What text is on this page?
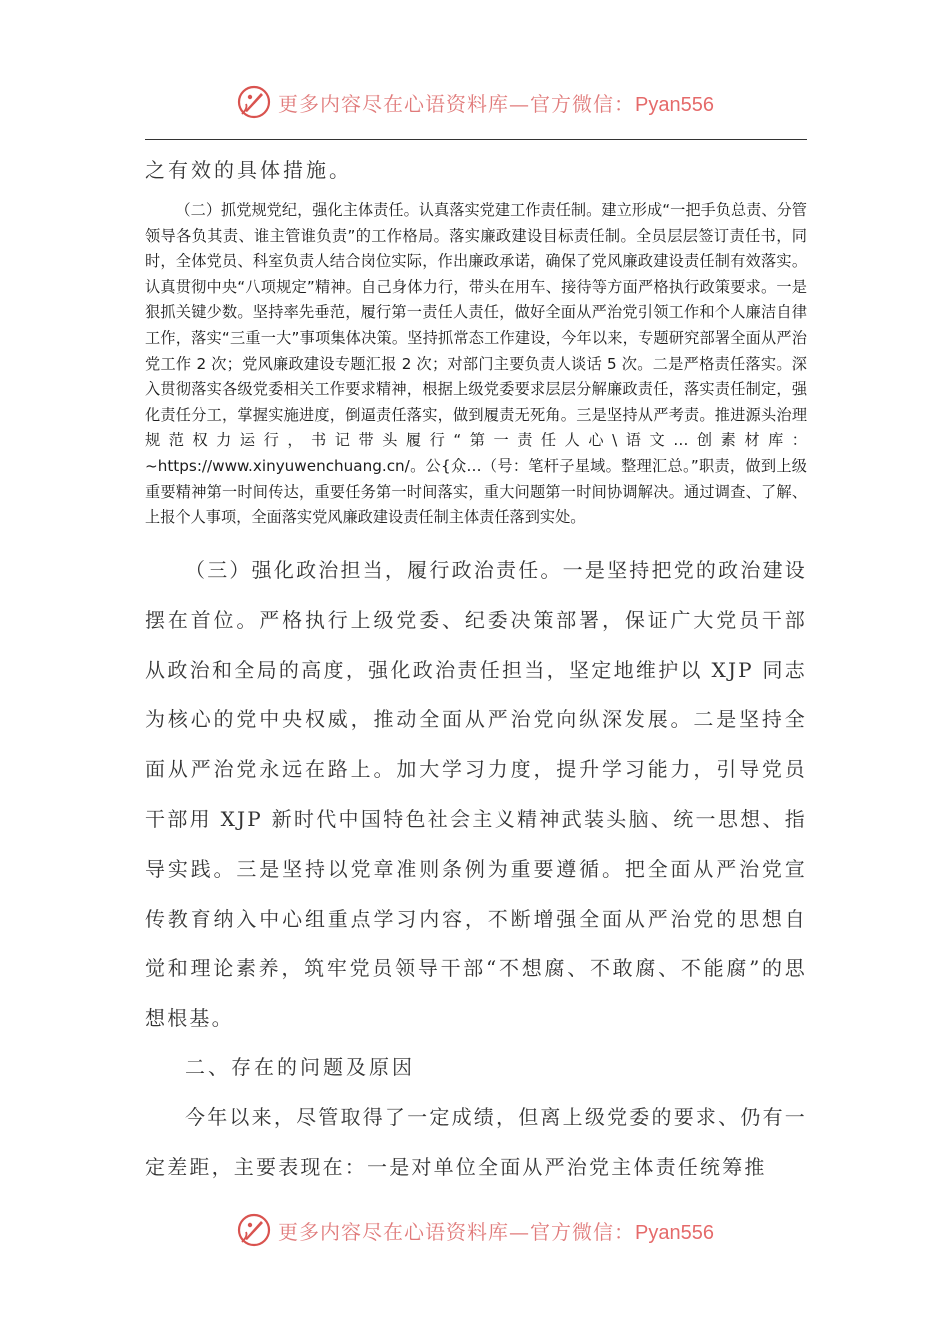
更多内容尽在心语资料库—官方微信：Pyan556

之有效的具体措施。

（二）抓党规党纪，强化主体责任。认真落实党建工作责任制。建立形成“一把手负总责、分管领导各负其责、谁主管谁负责”的工作格局。落实廉政建设目标责任制。全员层层签订责任书，同时，全体党员、科室负责人结合岗位实际，作出廉政承诺，确保了党风廉政建设责任制有效落实。认真贯彻中央“八项规定”精神。自己身体力行，带头在用车、接待等方面严格执行政策要求。一是狠抓关键少数。坚持率先垂范，履行第一责任人责任，做好全面从严治党引领工作和个人廉洁自律工作，落实“三重一大”事项集体决策。坚持抓常态工作建设，今年以来，专题研究部署全面从严治党工作 2 次；党风廉政建设专题汇报 2 次；对部门主要负责人谈话 5 次。二是严格责任落实。深入贯彻落实各级党委相关工作要求精神，根据上级党委要求层层分解廉政责任，落实责任制定，强化责任分工，掌握实施进度，倒逼责任落实，做到履责无死角。三是坚持从严考责。推进源头治理规范权力运行，书记带头履行“第一责任人心\语文…创素材库：~https://www.xinyuwenchuang.cn/。公{众…（号：笔杆子星域。整理汇总。”职责，做到上级重要精神第一时间传达，重要任务第一时间落实，重大问题第一时间协调解决。通过调查、了解、上报个人事项，全面落实党风廉政建设责任制主体责任落到实处。

（三）强化政治担当，履行政治责任。一是坚持把党的政治建设摆在首位。严格执行上级党委、纪委决策部署，保证广大党员干部从政治和全局的高度，强化政治责任担当，坚定地维护以 XJP 同志为核心的党中央权威，推动全面从严治党向纵深发展。二是坚持全面从严治党永远在路上。加大学习力度，提升学习能力，引导党员干部用 XJP 新时代中国特色社会主义精神武装头脑、统一思想、指导实践。三是坚持以党章准则条例为重要遵循。把全面从严治党宣传教育纳入中心组重点学习内容，不断增强全面从严治党的思想自觉和理论素养，筑牢党员领导干部“不想腐、不敢腐、不能腐”的思想根基。

二、存在的问题及原因

今年以来，尽管取得了一定成绩，但离上级党委的要求、仍有一定差距，主要表现在：一是对单位全面从严治党主体责任统筹推

更多内容尽在心语资料库—官方微信：Pyan556
